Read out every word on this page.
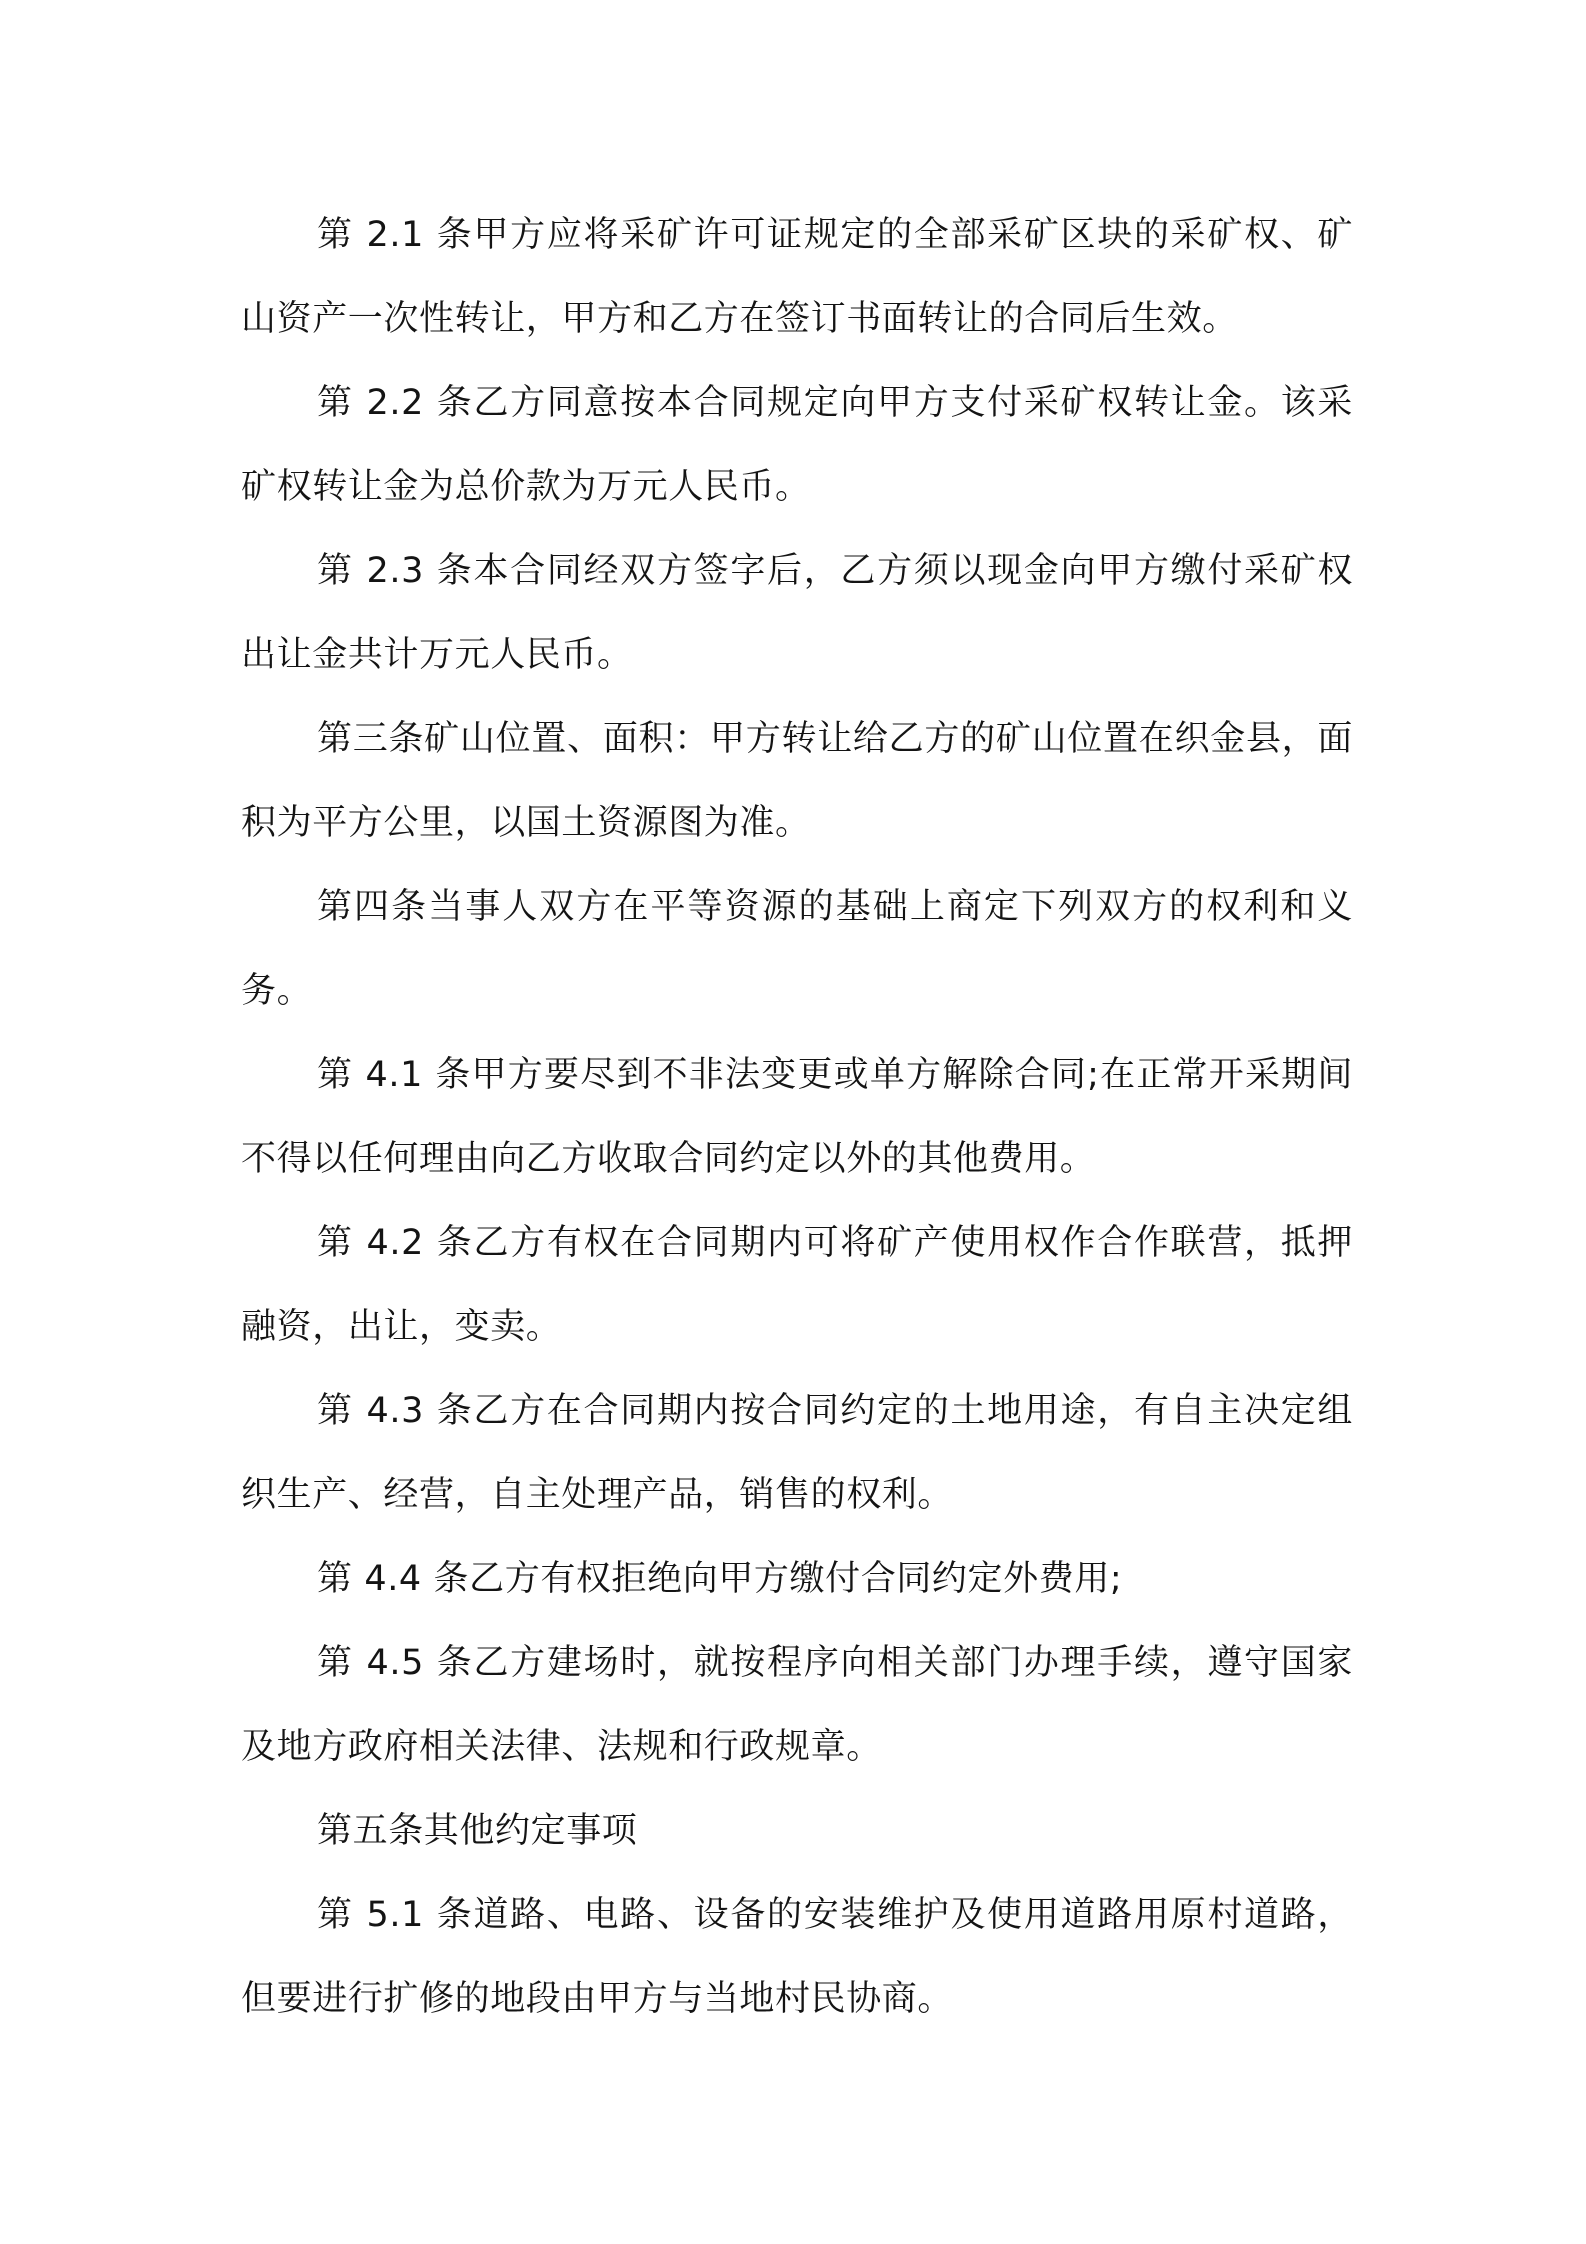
第 2.1 条甲方应将采矿许可证规定的全部采矿区块的采矿权、矿山资产一次性转让，甲方和乙方在签订书面转让的合同后生效。

第 2.2 条乙方同意按本合同规定向甲方支付采矿权转让金。该采矿权转让金为总价款为万元人民币。

第 2.3 条本合同经双方签字后，乙方须以现金向甲方缴付采矿权出让金共计万元人民币。

第三条矿山位置、面积：甲方转让给乙方的矿山位置在织金县，面积为平方公里，以国土资源图为准。

第四条当事人双方在平等资源的基础上商定下列双方的权利和义务。

第 4.1 条甲方要尽到不非法变更或单方解除合同;在正常开采期间不得以任何理由向乙方收取合同约定以外的其他费用。

第 4.2 条乙方有权在合同期内可将矿产使用权作合作联营，抵押融资，出让，变卖。

第 4.3 条乙方在合同期内按合同约定的土地用途，有自主决定组织生产、经营，自主处理产品，销售的权利。

第 4.4 条乙方有权拒绝向甲方缴付合同约定外费用;

第 4.5 条乙方建场时，就按程序向相关部门办理手续，遵守国家及地方政府相关法律、法规和行政规章。

第五条其他约定事项

第 5.1 条道路、电路、设备的安装维护及使用道路用原村道路，但要进行扩修的地段由甲方与当地村民协商。
